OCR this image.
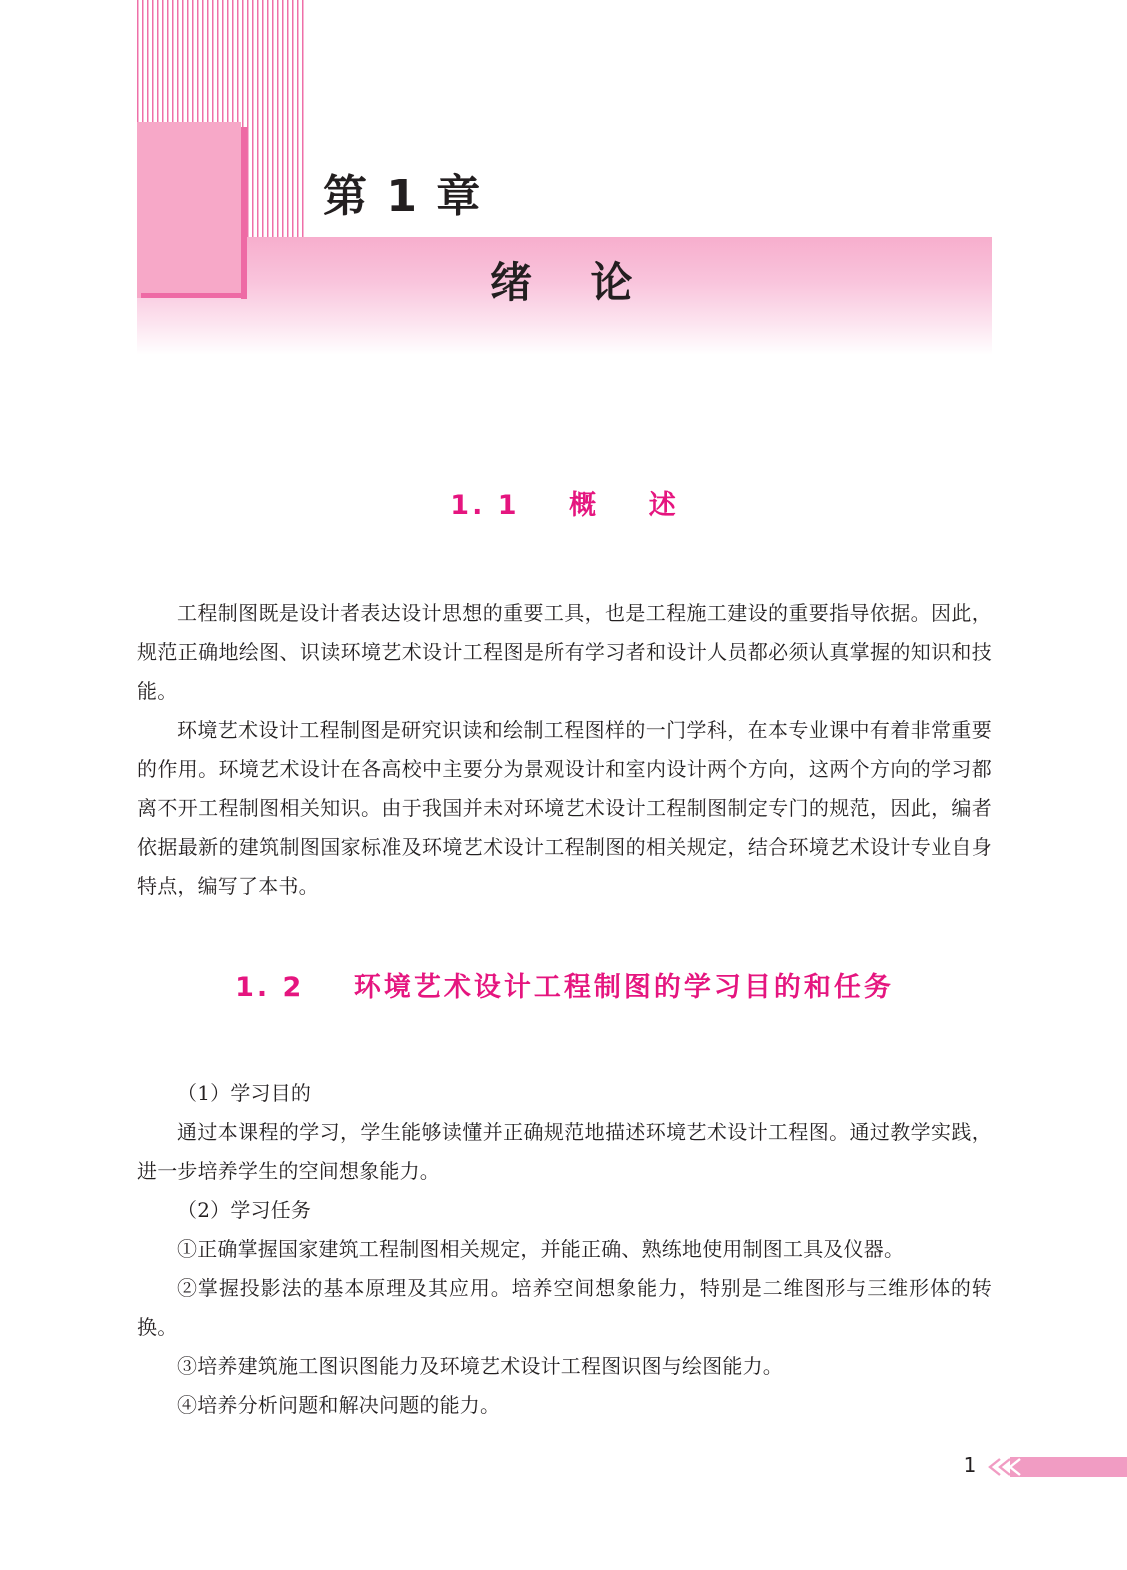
第 1 章
绪    论
1. 1    概    述

工程制图既是设计者表达设计思想的重要工具，也是工程施工建设的重要指导依据。因此，规范正确地绘图、识读环境艺术设计工程图是所有学习者和设计人员都必须认真掌握的知识和技能。

环境艺术设计工程制图是研究识读和绘制工程图样的一门学科，在本专业课中有着非常重要的作用。环境艺术设计在各高校中主要分为景观设计和室内设计两个方向，这两个方向的学习都离不开工程制图相关知识。由于我国并未对环境艺术设计工程制图制定专门的规范，因此，编者依据最新的建筑制图国家标准及环境艺术设计工程制图的相关规定，结合环境艺术设计专业自身特点，编写了本书。

1. 2    环境艺术设计工程制图的学习目的和任务

（1）学习目的

通过本课程的学习，学生能够读懂并正确规范地描述环境艺术设计工程图。通过教学实践，进一步培养学生的空间想象能力。

（2）学习任务

①正确掌握国家建筑工程制图相关规定，并能正确、熟练地使用制图工具及仪器。

②掌握投影法的基本原理及其应用。培养空间想象能力，特别是二维图形与三维形体的转换。

③培养建筑施工图识图能力及环境艺术设计工程图识图与绘图能力。

④培养分析问题和解决问题的能力。

1
